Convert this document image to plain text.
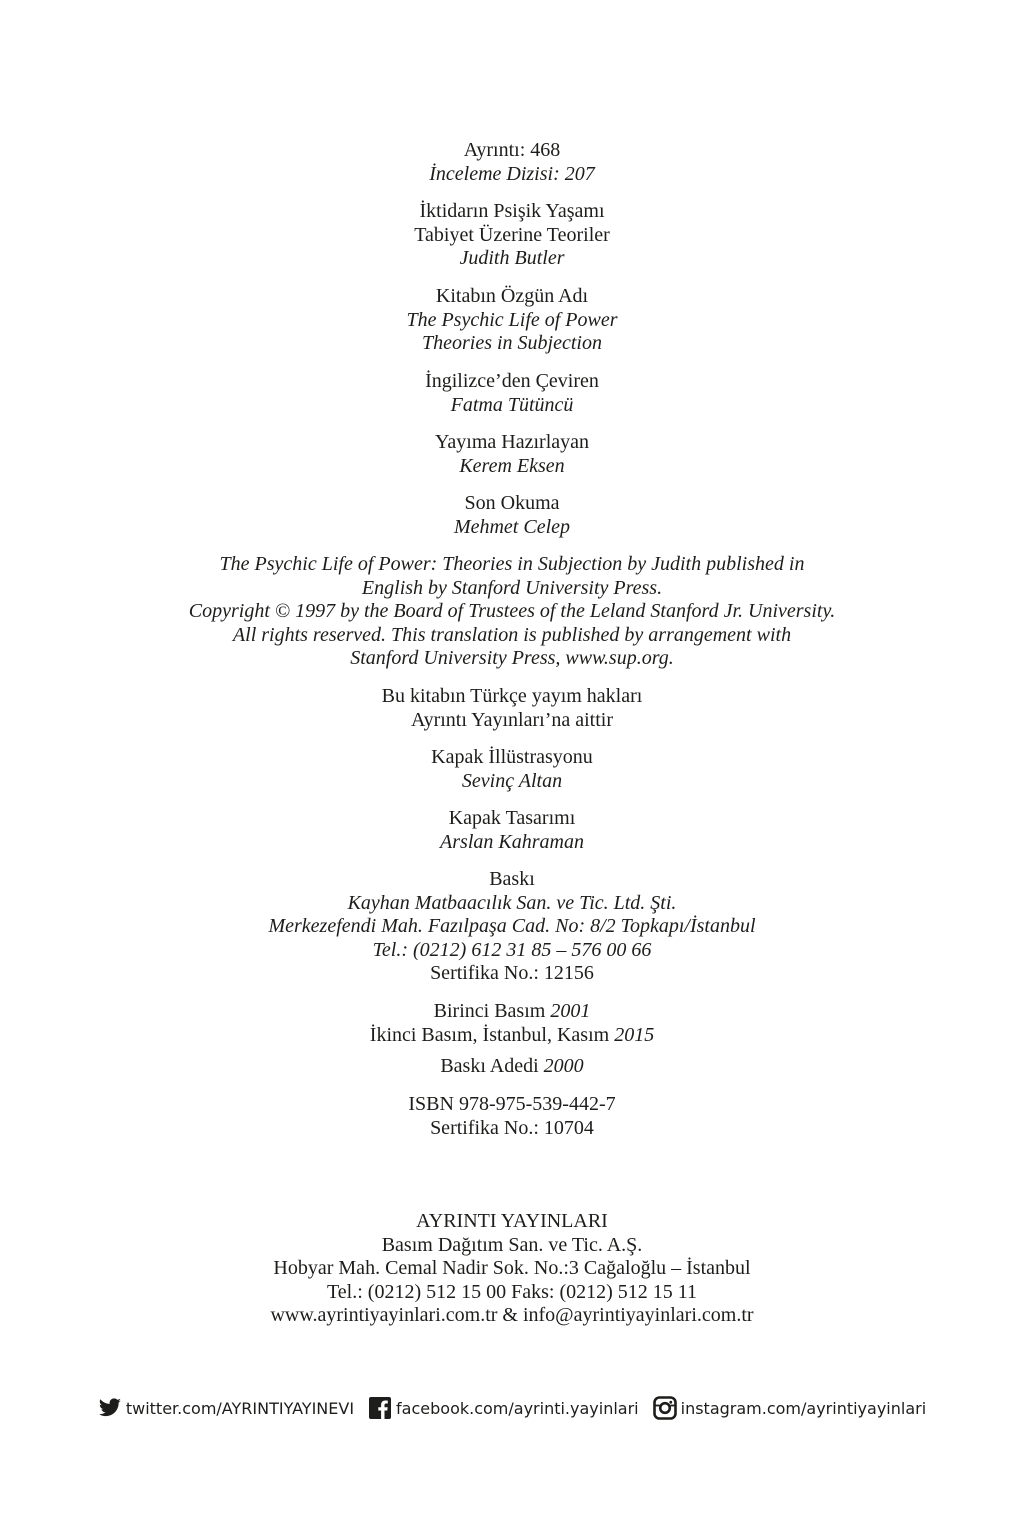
Ayrıntı: 468
İnceleme Dizisi: 207
İktidarın Psişik Yaşamı
Tabiyet Üzerine Teoriler
Judith Butler
Kitabın Özgün Adı
The Psychic Life of Power
Theories in Subjection
İngilizce’den Çeviren
Fatma Tütüncü
Yayıma Hazırlayan
Kerem Eksen
Son Okuma
Mehmet Celep
The Psychic Life of Power: Theories in Subjection by Judith published in
English by Stanford University Press.
Copyright © 1997 by the Board of Trustees of the Leland Stanford Jr. University.
All rights reserved. This translation is published by arrangement with
Stanford University Press, www.sup.org.
Bu kitabın Türkçe yayım hakları
Ayrıntı Yayınları’na aittir
Kapak İllüstrasyonu
Sevinç Altan
Kapak Tasarımı
Arslan Kahraman
Baskı
Kayhan Matbaacılık San. ve Tic. Ltd. Şti.
Merkezefendi Mah. Fazılpaşa Cad. No: 8/2 Topkapı/İstanbul
Tel.: (0212) 612 31 85 – 576 00 66
Sertifika No.: 12156
Birinci Basım 2001
İkinci Basım, İstanbul, Kasım 2015
Baskı Adedi 2000
ISBN 978-975-539-442-7
Sertifika No.: 10704
AYRINTI YAYINLARI
Basım Dağıtım San. ve Tic. A.Ş.
Hobyar Mah. Cemal Nadir Sok. No.:3 Cağaloğlu – İstanbul
Tel.: (0212) 512 15 00 Faks: (0212) 512 15 11
www.ayrintiyayinlari.com.tr & info@ayrintiyayinlari.com.tr
twitter.com/AYRINTIYAYINEVI	facebook.com/ayrinti.yayinlari	instagram.com/ayrintiyayinlari
